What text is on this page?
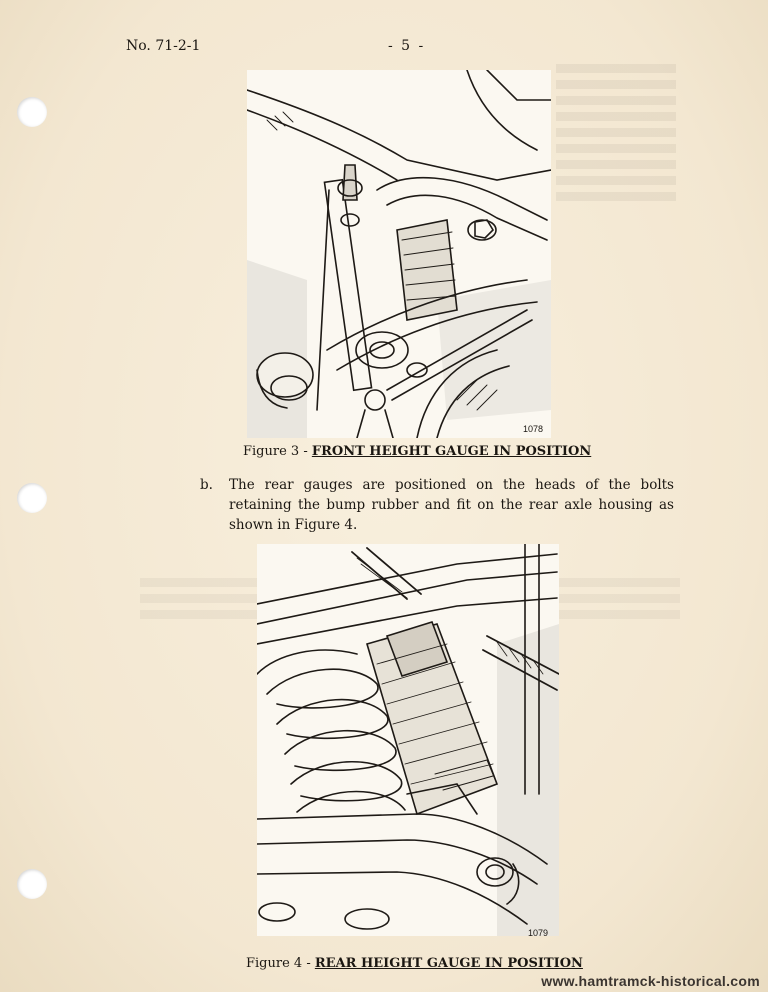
No. 71-2-1	- 5 -
1078
Figure 3 - FRONT HEIGHT GAUGE IN POSITION
b. The rear gauges are positioned on the heads of the bolts retaining the bump rubber and fit on the rear axle housing as shown in Figure 4.
1079
Figure 4 - REAR HEIGHT GAUGE IN POSITION
www.hamtramck-historical.com
